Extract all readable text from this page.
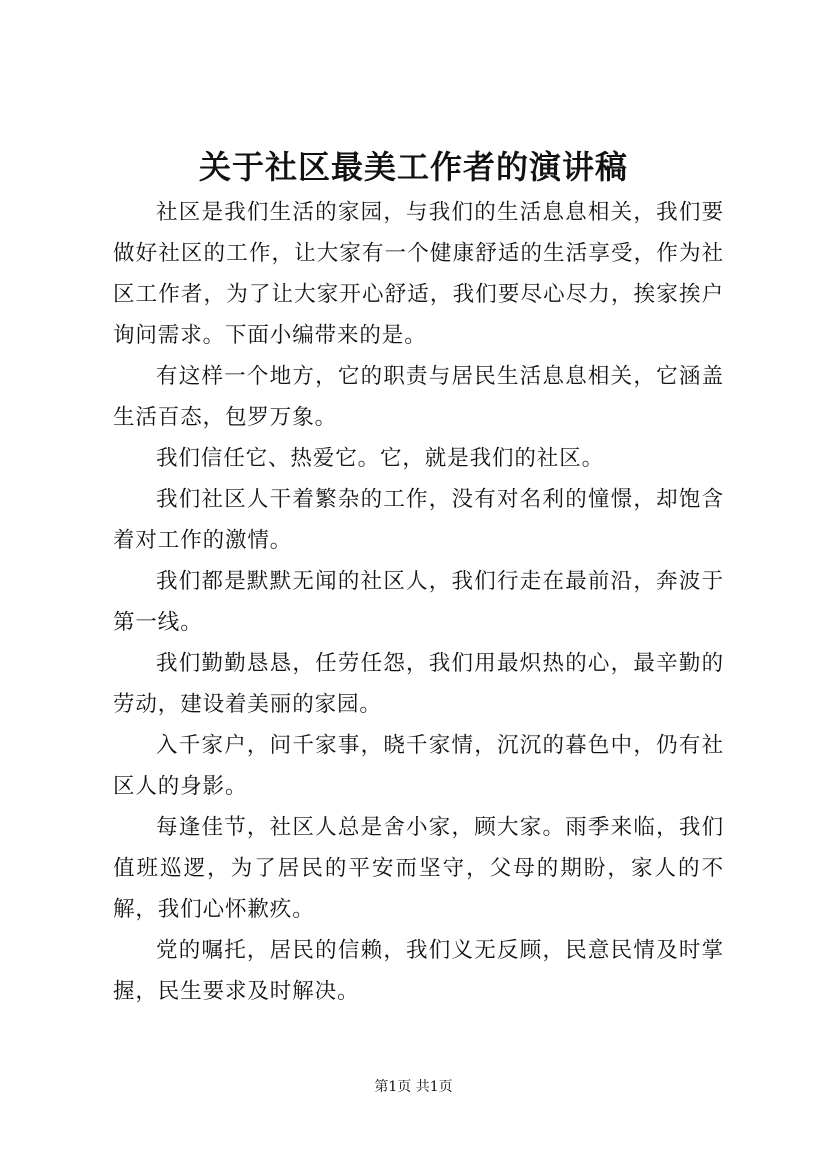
关于社区最美工作者的演讲稿

社区是我们生活的家园，与我们的生活息息相关，我们要做好社区的工作，让大家有一个健康舒适的生活享受，作为社区工作者，为了让大家开心舒适，我们要尽心尽力，挨家挨户询问需求。下面小编带来的是。

有这样一个地方，它的职责与居民生活息息相关，它涵盖生活百态，包罗万象。

我们信任它、热爱它。它，就是我们的社区。

我们社区人干着繁杂的工作，没有对名利的憧憬，却饱含着对工作的激情。

我们都是默默无闻的社区人，我们行走在最前沿，奔波于第一线。

我们勤勤恳恳，任劳任怨，我们用最炽热的心，最辛勤的劳动，建设着美丽的家园。

入千家户，问千家事，晓千家情，沉沉的暮色中，仍有社区人的身影。

每逢佳节，社区人总是舍小家，顾大家。雨季来临，我们值班巡逻，为了居民的平安而坚守，父母的期盼，家人的不解，我们心怀歉疚。

党的嘱托，居民的信赖，我们义无反顾，民意民情及时掌握，民生要求及时解决。

第1页 共1页
